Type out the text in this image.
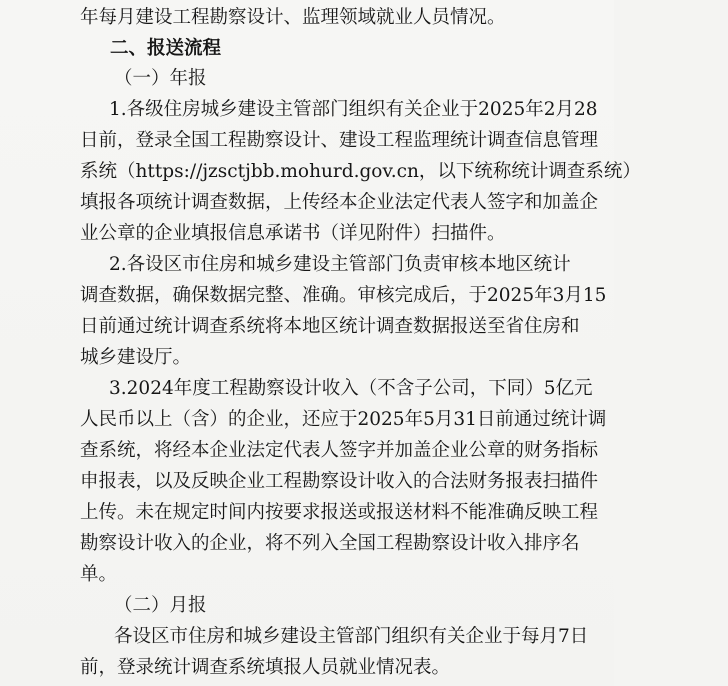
年每月建设工程勘察设计、监理领域就业人员情况。
二、报送流程
（一）年报
1.各级住房城乡建设主管部门组织有关企业于2025年2月28
日前，登录全国工程勘察设计、建设工程监理统计调查信息管理
系统（https://jzsctjbb.mohurd.gov.cn，以下统称统计调查系统）
填报各项统计调查数据，上传经本企业法定代表人签字和加盖企
业公章的企业填报信息承诺书（详见附件）扫描件。
2.各设区市住房和城乡建设主管部门负责审核本地区统计
调查数据，确保数据完整、准确。审核完成后，于2025年3月15
日前通过统计调查系统将本地区统计调查数据报送至省住房和
城乡建设厅。
3.2024年度工程勘察设计收入（不含子公司，下同）5亿元
人民币以上（含）的企业，还应于2025年5月31日前通过统计调
查系统，将经本企业法定代表人签字并加盖企业公章的财务指标
申报表，以及反映企业工程勘察设计收入的合法财务报表扫描件
上传。未在规定时间内按要求报送或报送材料不能准确反映工程
勘察设计收入的企业，将不列入全国工程勘察设计收入排序名
单。
（二）月报
各设区市住房和城乡建设主管部门组织有关企业于每月7日
前，登录统计调查系统填报人员就业情况表。
